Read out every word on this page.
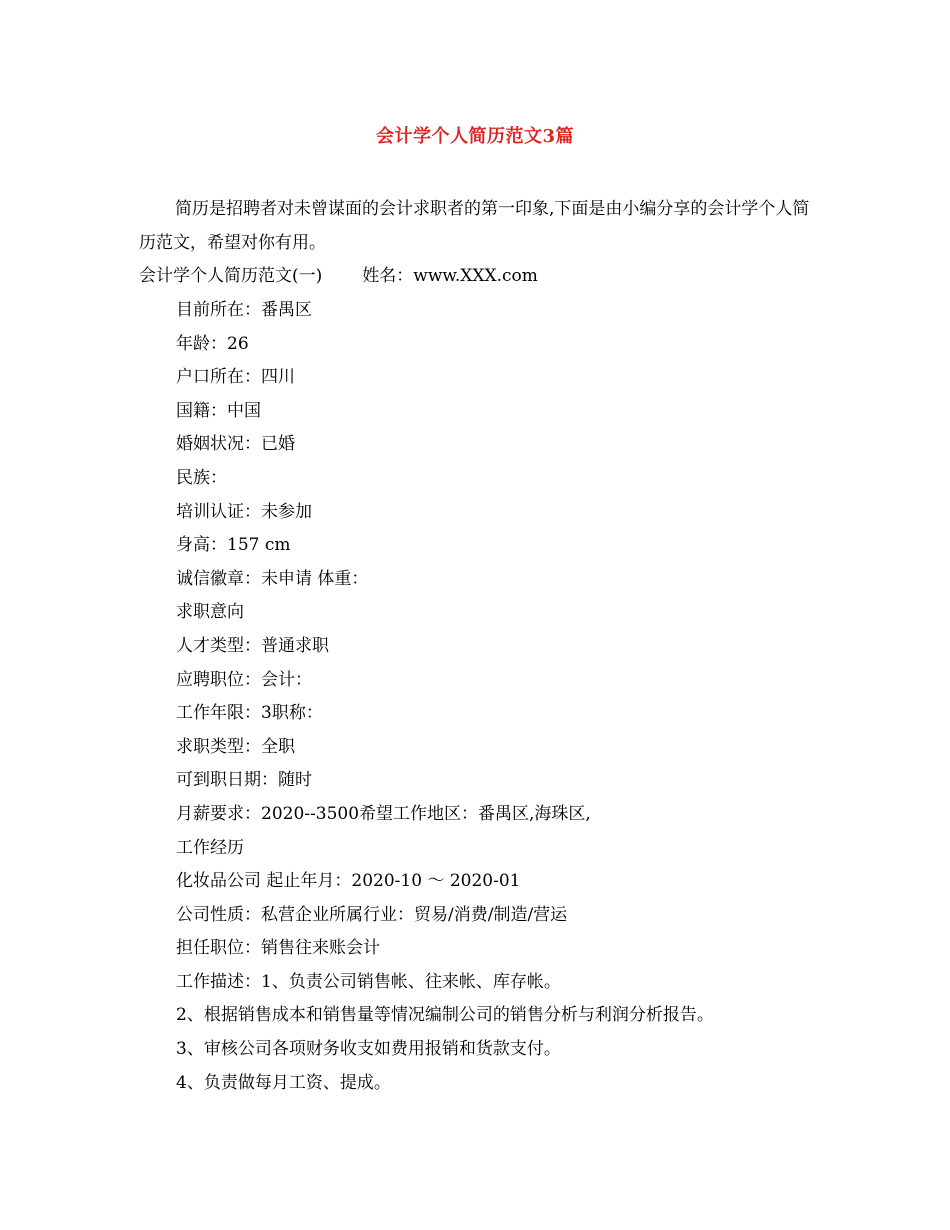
会计学个人简历范文3篇
简历是招聘者对未曾谋面的会计求职者的第一印象,下面是由小编分享的会计学个人简历范文，希望对你有用。
会计学个人简历范文(一) 姓名：www.XXX.com
目前所在：番禺区
年龄：26
户口所在：四川
国籍：中国
婚姻状况：已婚
民族：
培训认证：未参加
身高：157 cm
诚信徽章：未申请 体重：
求职意向
人才类型：普通求职
应聘职位：会计：
工作年限：3职称：
求职类型：全职
可到职日期：随时
月薪要求：2020--3500希望工作地区：番禺区,海珠区,
工作经历
化妆品公司 起止年月：2020-10 ～ 2020-01
公司性质：私营企业所属行业：贸易/消费/制造/营运
担任职位：销售往来账会计
工作描述：1、负责公司销售帐、往来帐、库存帐。
2、根据销售成本和销售量等情况编制公司的销售分析与利润分析报告。
3、审核公司各项财务收支如费用报销和货款支付。
4、负责做每月工资、提成。
